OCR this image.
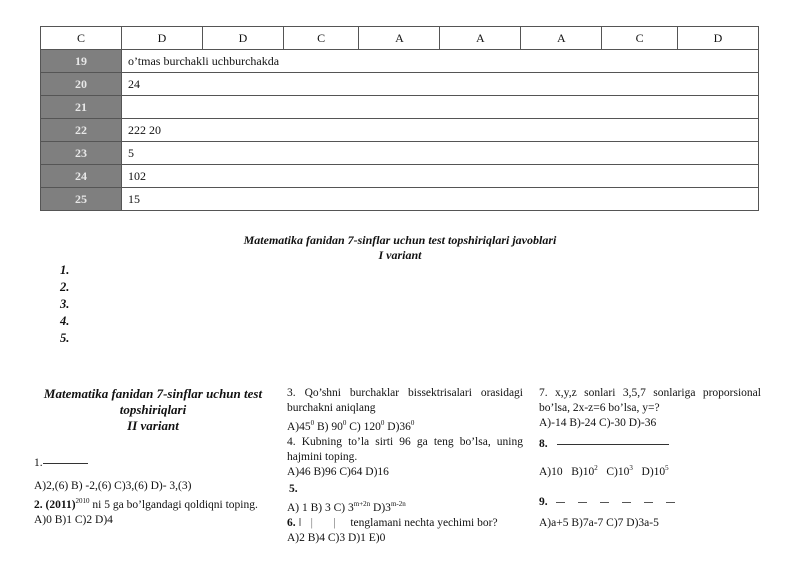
C	D	D	C	A	A	A	C	D
19	o’tmas burchakli uchburchakda							
20	24							
21								
22	222 20							
23	5							
24	102							
25	15							
Matematika fanidan 7-sinflar uchun test topshiriqlari javoblari
I variant
1.
2.
3.
4.
5.
Matematika fanidan 7-sinflar uchun test topshiriqlari
II variant

1.

A)2,(6) B) -2,(6) C)3,(6) D)- 3,(3)

2. $(2011)^{2010}$ ni 5 ga bo’lgandagi qoldiqni toping.

A)0 B)1 C)2 D)4

3. Qo’shni burchaklar bissektrisalari orasidagi burchakni aniqlang

$A)45^0$ B) $90^0$ C) $120^0$ $D)36^0$

4. Kubning to’la sirti 96 ga teng bo’lsa, uning hajmini toping.

A)46 B)96 C)64 D)16

5.

A) 1 B) 3 C) $3^{m+2n}$ $D)3^{m-2n}$

6. ‖ |   | tenglamani nechta yechimi bor?

A)2 B)4 C)3 D)1 E)0

7. x,y,z sonlari 3,5,7 sonlariga proporsional bo’lsa, 2x-z=6 bo’lsa, y=?

A)-14 B)-24 C)-30 D)-36

8.

A)10 $B)10^2$ $C)10^3$ $D)10^5$

9.

A)a+5 B)7a-7 C)7 D)3a-5
